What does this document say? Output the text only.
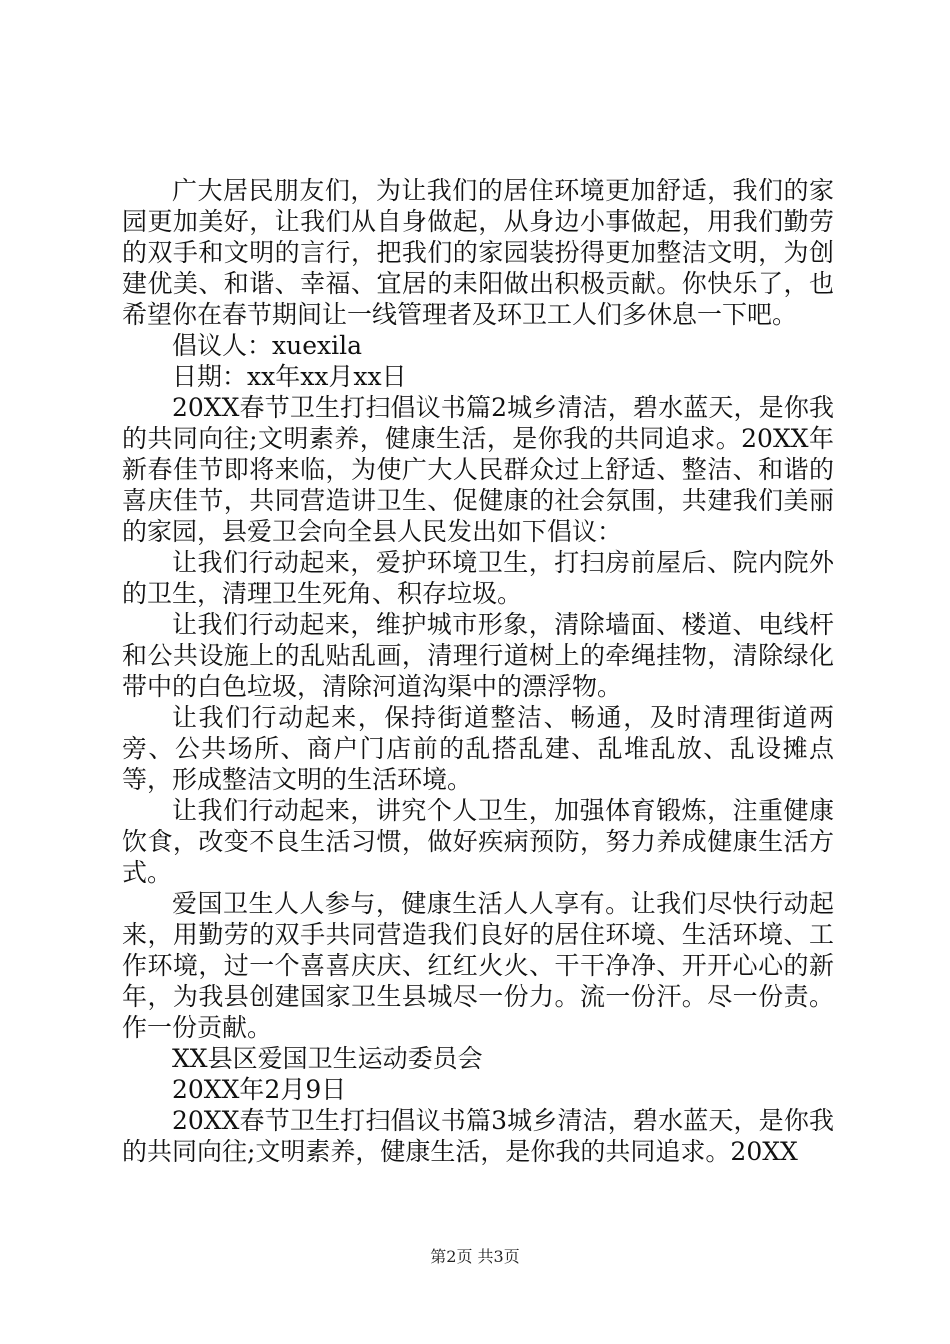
广大居民朋友们，为让我们的居住环境更加舒适，我们的家园更加美好，让我们从自身做起，从身边小事做起，用我们勤劳的双手和文明的言行，把我们的家园装扮得更加整洁文明，为创建优美、和谐、幸福、宜居的耒阳做出积极贡献。你快乐了，也希望你在春节期间让一线管理者及环卫工人们多休息一下吧。

倡议人：xuexila

日期：xx年xx月xx日

20XX春节卫生打扫倡议书篇2城乡清洁，碧水蓝天，是你我的共同向往;文明素养，健康生活，是你我的共同追求。20XX年新春佳节即将来临，为使广大人民群众过上舒适、整洁、和谐的喜庆佳节，共同营造讲卫生、促健康的社会氛围，共建我们美丽的家园，县爱卫会向全县人民发出如下倡议：

让我们行动起来，爱护环境卫生，打扫房前屋后、院内院外的卫生，清理卫生死角、积存垃圾。

让我们行动起来，维护城市形象，清除墙面、楼道、电线杆和公共设施上的乱贴乱画，清理行道树上的牵绳挂物，清除绿化带中的白色垃圾，清除河道沟渠中的漂浮物。

让我们行动起来，保持街道整洁、畅通，及时清理街道两旁、公共场所、商户门店前的乱搭乱建、乱堆乱放、乱设摊点等，形成整洁文明的生活环境。

让我们行动起来，讲究个人卫生，加强体育锻炼，注重健康饮食，改变不良生活习惯，做好疾病预防，努力养成健康生活方式。

爱国卫生人人参与，健康生活人人享有。让我们尽快行动起来，用勤劳的双手共同营造我们良好的居住环境、生活环境、工作环境，过一个喜喜庆庆、红红火火、干干净净、开开心心的新年，为我县创建国家卫生县城尽一份力。流一份汗。尽一份责。作一份贡献。

XX县区爱国卫生运动委员会

20XX年2月9日

20XX春节卫生打扫倡议书篇3城乡清洁，碧水蓝天，是你我的共同向往;文明素养，健康生活，是你我的共同追求。20XX

第2页 共3页
